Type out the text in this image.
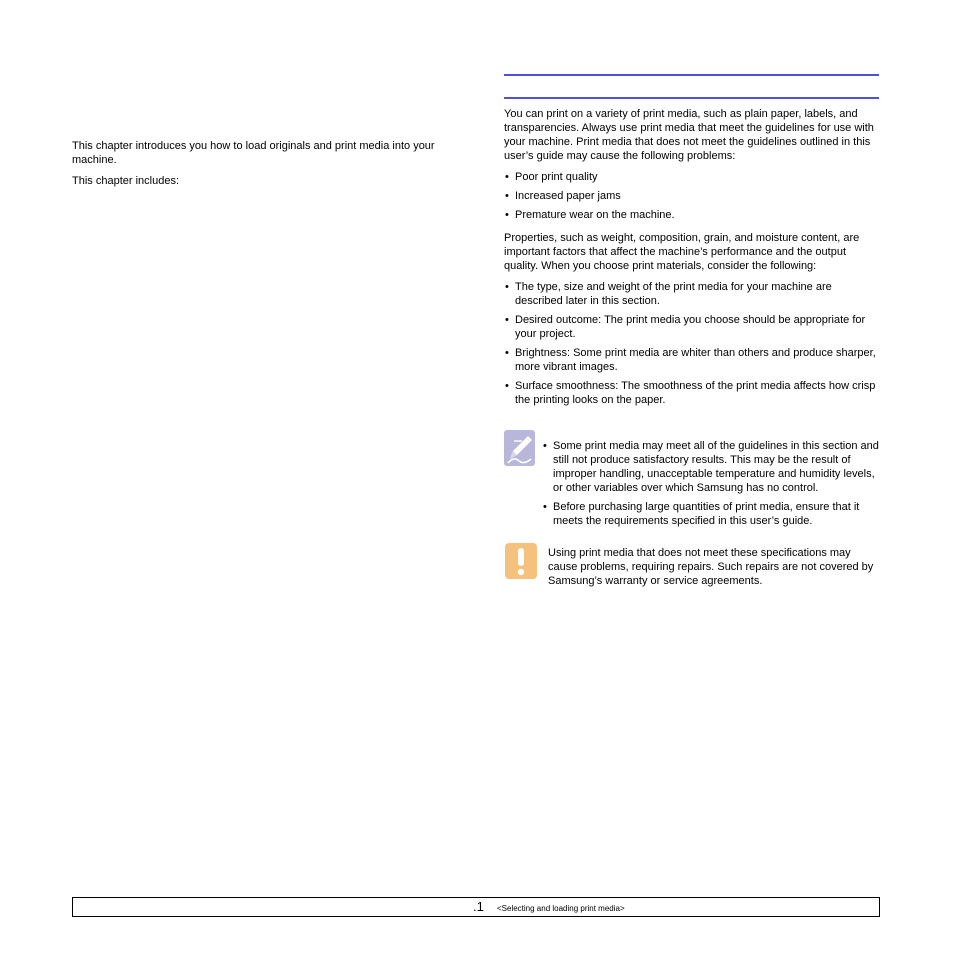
This chapter introduces you how to load originals and print media into your machine.

This chapter includes:

You can print on a variety of print media, such as plain paper, labels, and transparencies. Always use print media that meet the guidelines for use with your machine. Print media that does not meet the guidelines outlined in this user’s guide may cause the following problems:

• Poor print quality
• Increased paper jams
• Premature wear on the machine.

Properties, such as weight, composition, grain, and moisture content, are important factors that affect the machine’s performance and the output quality. When you choose print materials, consider the following:

• The type, size and weight of the print media for your machine are described later in this section.
• Desired outcome: The print media you choose should be appropriate for your project.
• Brightness: Some print media are whiter than others and produce sharper, more vibrant images.
• Surface smoothness: The smoothness of the print media affects how crisp the printing looks on the paper.
• Some print media may meet all of the guidelines in this section and still not produce satisfactory results. This may be the result of improper handling, unacceptable temperature and humidity levels, or other variables over which Samsung has no control.
• Before purchasing large quantities of print media, ensure that it meets the requirements specified in this user’s guide.

Using print media that does not meet these specifications may cause problems, requiring repairs. Such repairs are not covered by Samsung’s warranty or service agreements.

.1 <Selecting and loading print media>
